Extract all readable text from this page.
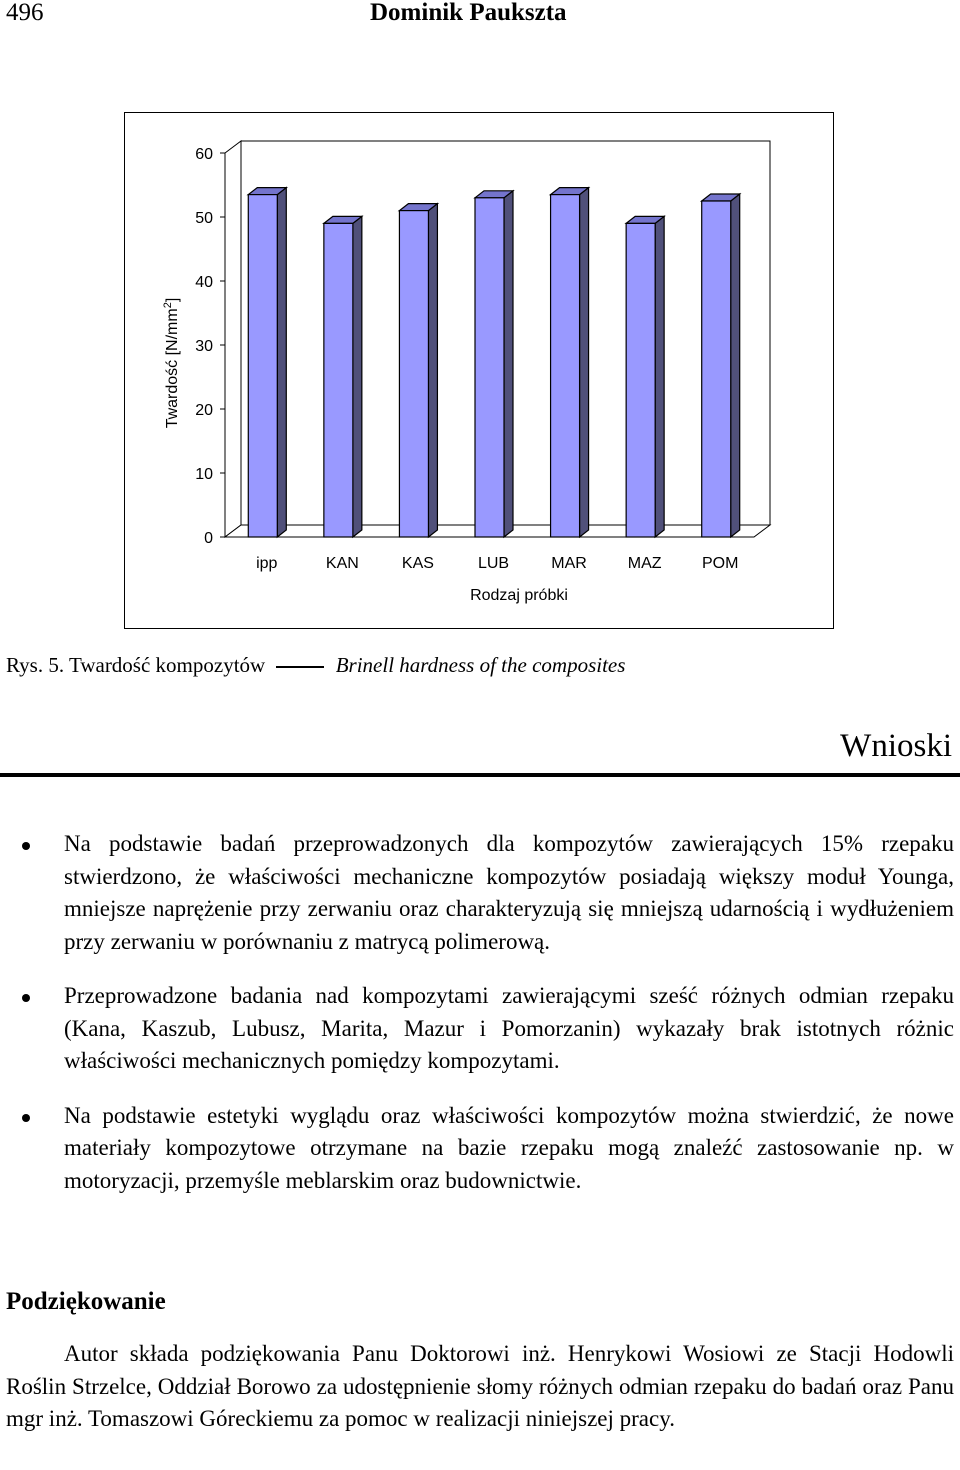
496	Dominik Paukszta
Twardość $[N/mm^2]$
Rodzaj próbki
0
10
20
30
40
50
60
ipp	KAN	KAS	LUB	MAR	MAZ	POM
Rys. 5. Twardość kompozytów	Brinell hardness of the composites
Wnioski
Na podstawie badań przeprowadzonych dla kompozytów zawierających 15% rzepaku stwierdzono, że właściwości mechaniczne kompozytów posiadają większy moduł Younga, mniejsze naprężenie przy zerwaniu oraz charakteryzują się mniejszą udarnością i wydłużeniem przy zerwaniu w porównaniu z matrycą polimerową.
Przeprowadzone badania nad kompozytami zawierającymi sześć różnych odmian rzepaku (Kana, Kaszub, Lubusz, Marita, Mazur i Pomorzanin) wykazały brak istotnych różnic właściwości mechanicznych pomiędzy kompozytami.
Na podstawie estetyki wyglądu oraz właściwości kompozytów można stwierdzić, że nowe materiały kompozytowe otrzymane na bazie rzepaku mogą znaleźć zastosowanie np. w motoryzacji, przemyśle meblarskim oraz budownictwie.
Podziękowanie

Autor składa podziękowania Panu Doktorowi inż. Henrykowi Wosiowi ze Stacji Hodowli Roślin Strzelce, Oddział Borowo za udostępnienie słomy różnych odmian rzepaku do badań oraz Panu mgr inż. Tomaszowi Góreckiemu za pomoc w realizacji niniejszej pracy.
